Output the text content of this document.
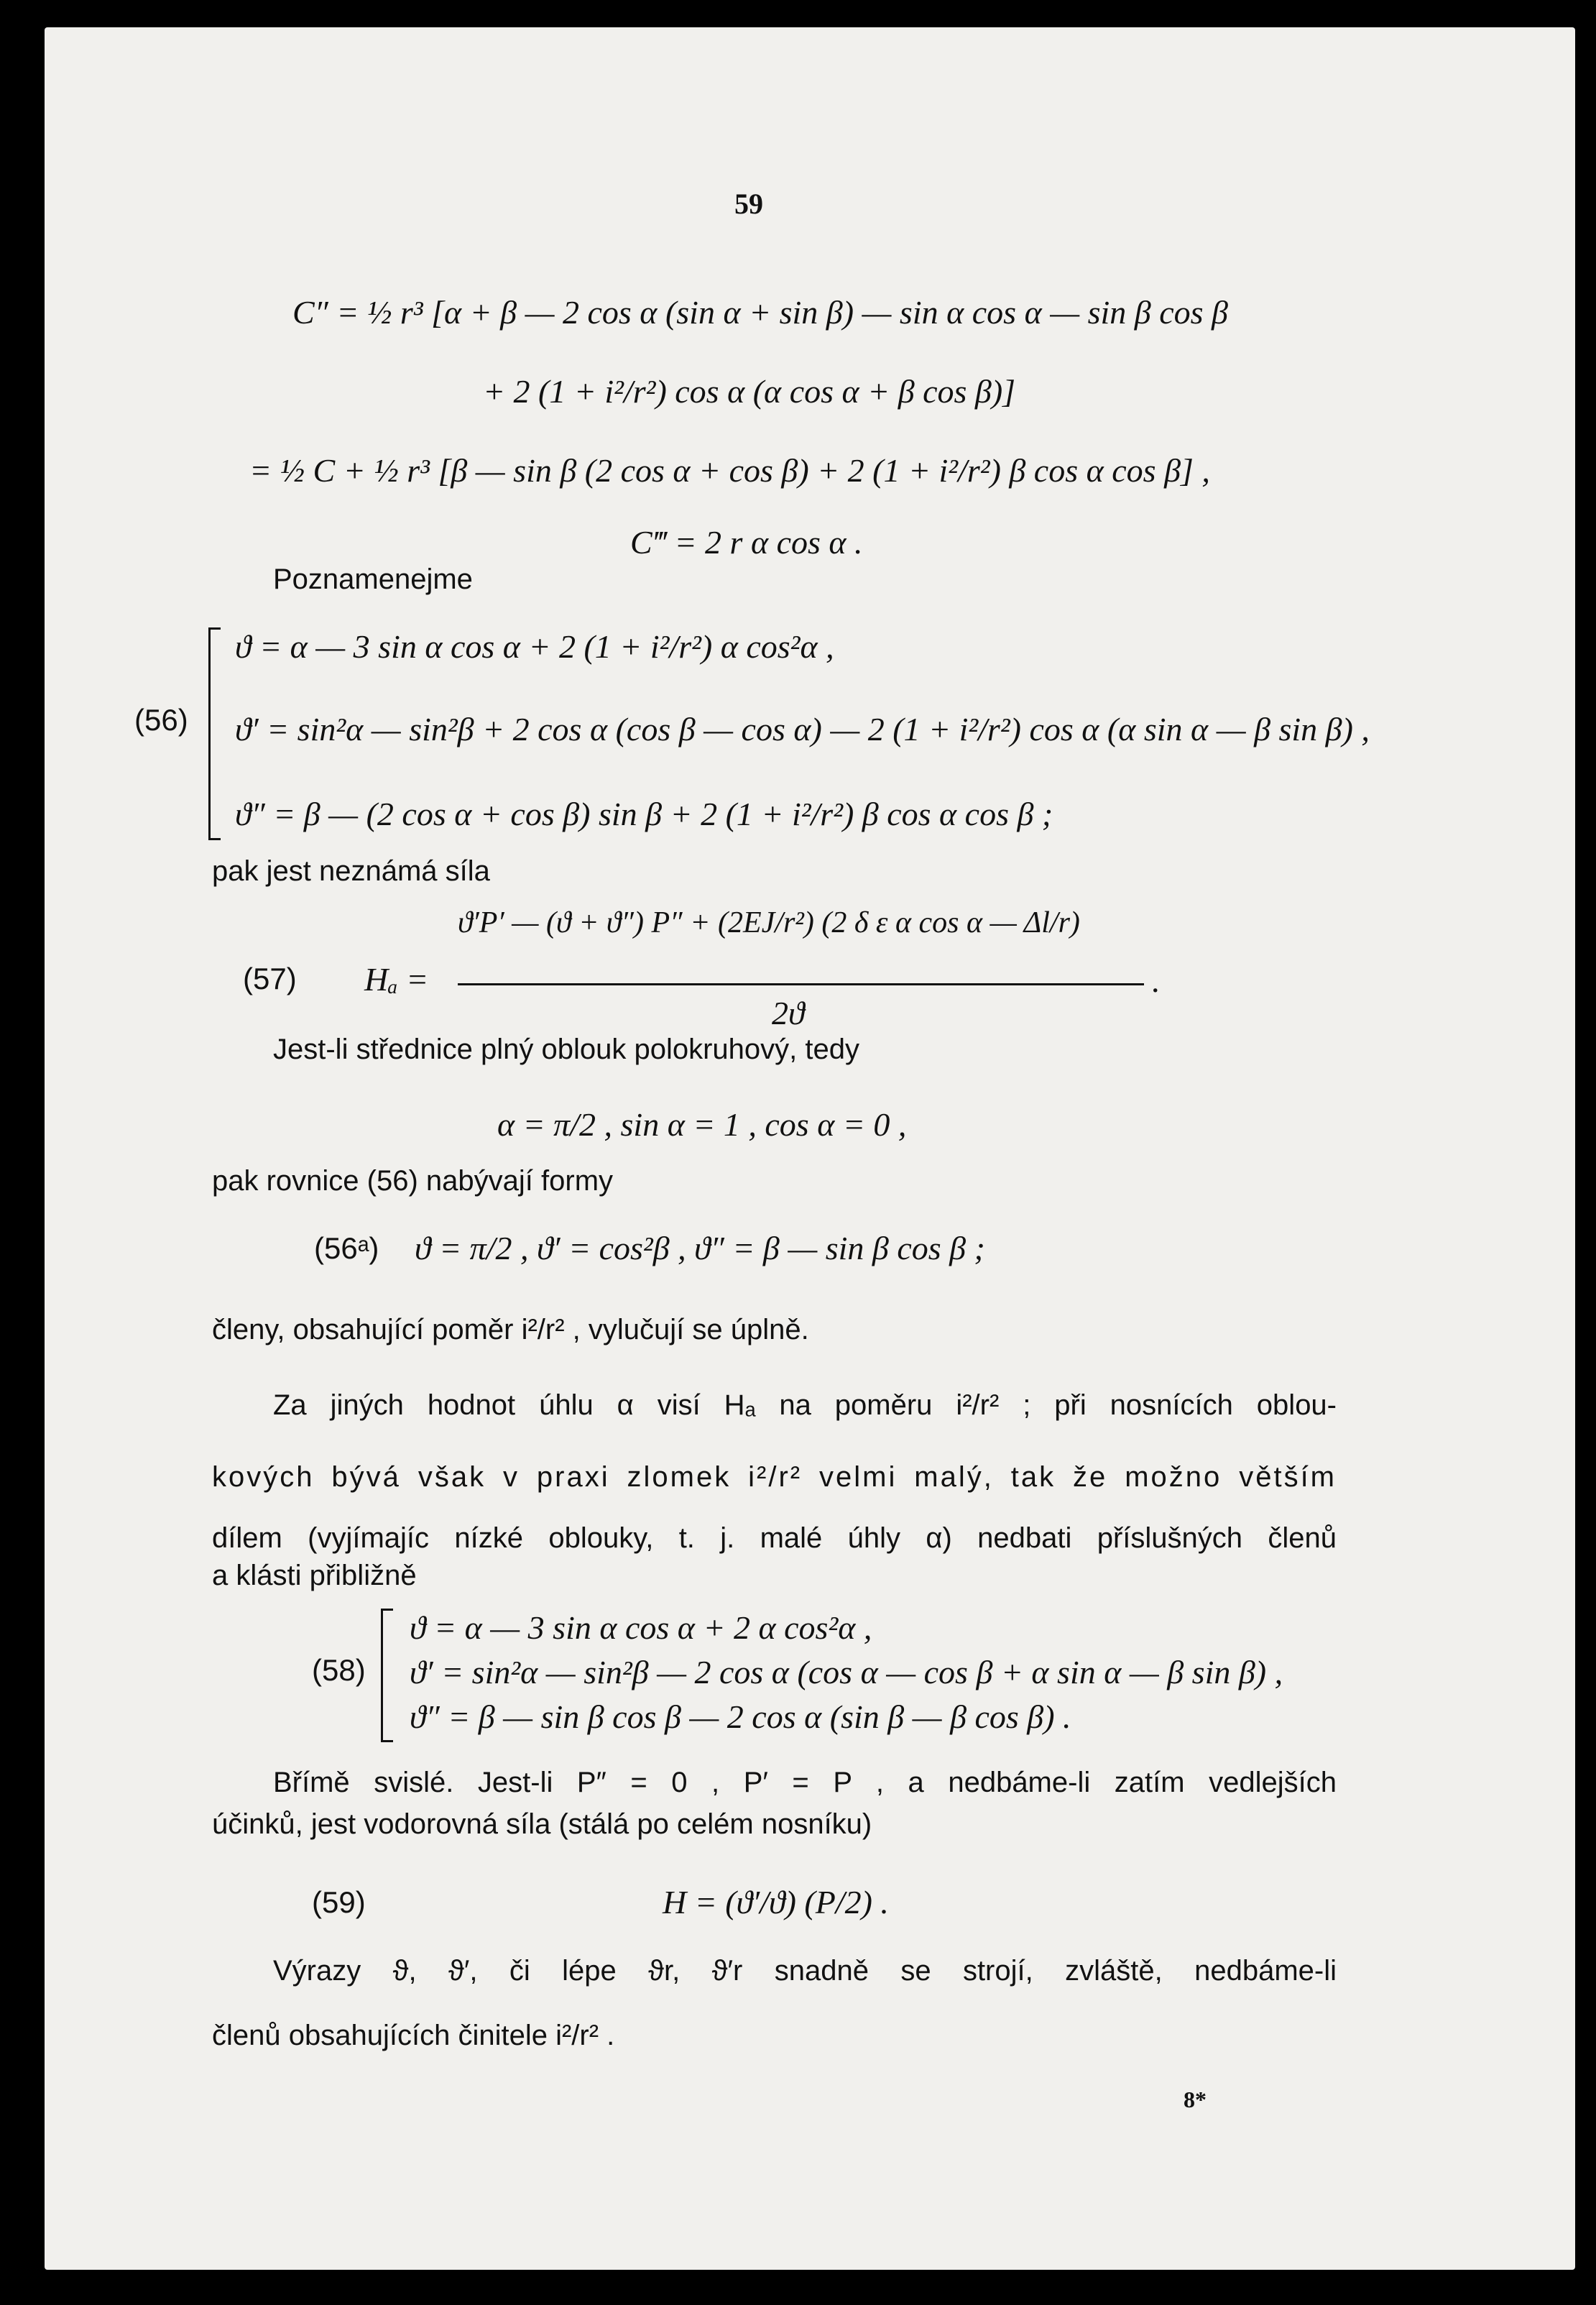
59
C″ = ½ r³ [α + β — 2 cos α (sin α + sin β) — sin α cos α — sin β cos β
+ 2 (1 + i²/r²) cos α (α cos α + β cos β)]
= ½ C + ½ r³ [β — sin β (2 cos α + cos β) + 2 (1 + i²/r²) β cos α cos β] ,
C‴ = 2 r α cos α .
Poznamenejme
(56)
ϑ = α — 3 sin α cos α + 2 (1 + i²/r²) α cos²α ,
ϑ′ = sin²α — sin²β + 2 cos α (cos β — cos α) — 2 (1 + i²/r²) cos α (α sin α — β sin β) ,
ϑ″ = β — (2 cos α + cos β) sin β + 2 (1 + i²/r²) β cos α cos β ;
pak jest neznámá síla
(57) Hₐ =
ϑ′P′ — (ϑ + ϑ″) P″ + (2EJ/r²) (2 δ ε α cos α — Δl/r)
2ϑ
.
Jest-li střednice plný oblouk polokruhový, tedy
α = π/2 , sin α = 1 , cos α = 0 ,
pak rovnice (56) nabývají formy
(56ᵃ) ϑ = π/2 , ϑ′ = cos²β , ϑ″ = β — sin β cos β ;
členy, obsahující poměr i²/r² , vylučují se úplně.
Za jiných hodnot úhlu α visí Hₐ na poměru i²/r² ; při nosnících oblou-
kových bývá však v praxi zlomek i²/r² velmi malý, tak že možno větším
dílem (vyjímajíc nízké oblouky, t. j. malé úhly α) nedbati příslušných členů
a klásti přibližně
(58)
ϑ = α — 3 sin α cos α + 2 α cos²α ,
ϑ′ = sin²α — sin²β — 2 cos α (cos α — cos β + α sin α — β sin β) ,
ϑ″ = β — sin β cos β — 2 cos α (sin β — β cos β) .
Břímě svislé. Jest-li P″ = 0 , P′ = P , a nedbáme-li zatím vedlejších
účinků, jest vodorovná síla (stálá po celém nosníku)
(59)	H = (ϑ′/ϑ) (P/2) .
Výrazy ϑ, ϑ′, či lépe ϑr, ϑ′r snadně se strojí, zvláště, nedbáme-li
členů obsahujících činitele i²/r² .
8*
